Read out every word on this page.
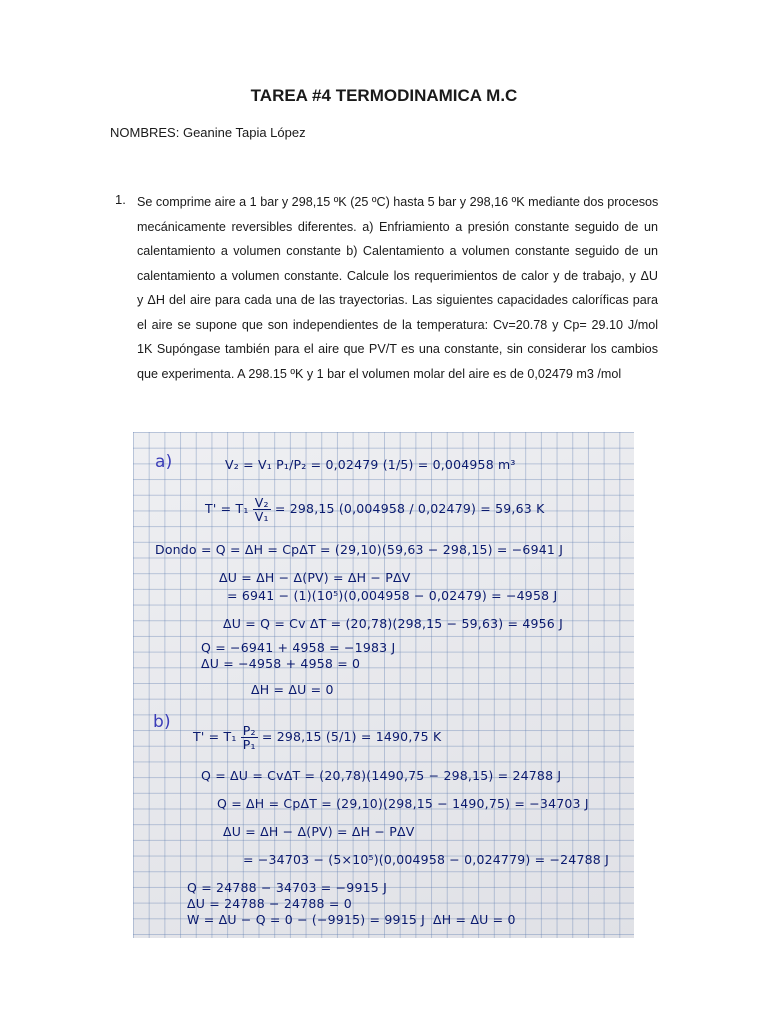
TAREA #4 TERMODINAMICA M.C
NOMBRES: Geanine Tapia López
1. Se comprime aire a 1 bar y 298,15 ºK (25 ºC) hasta 5 bar y 298,16 ºK mediante dos procesos
mecánicamente reversibles diferentes. a) Enfriamiento a presión constante seguido de un
calentamiento a volumen constante b) Calentamiento a volumen constante seguido de un
calentamiento a volumen constante. Calcule los requerimientos de calor y de trabajo, y ΔU
y ΔH del aire para cada una de las trayectorias. Las siguientes capacidades caloríficas para
el aire se supone que son independientes de la temperatura: Cv=20.78 y Cp= 29.10 J/mol
1K Supóngase también para el aire que PV/T es una constante, sin considerar los cambios
que experimenta. A 298.15 ºK y 1 bar el volumen molar del aire es de 0,02479 m3 /mol
a)	V₂ = V₁ P₁/P₂ = 0,02479 (1/5) = 0,004958 m³
$T' = T_1 \frac{\text{V₂}}{\text{V₁}} = 298,15$ (0,004958 / 0,02479) = 59,63 K
Dondo = Q = ΔH = CpΔT = (29,10)(59,63 − 298,15) = −6941 J
ΔU = ΔH − Δ(PV) = ΔH − PΔV
= 6941 − (1)(10⁵)(0,004958 − 0,02479) = −4958 J
ΔU = Q = Cv ΔT = (20,78)(298,15 − 59,63) = 4956 J
Q = −6941 + 4958 = −1983 J
ΔU = −4958 + 4958 = 0
ΔH = ΔU = 0
b)
$T' = T_1 \frac{\text{P₂}}{\text{P₁}} = 298,15$ (5/1) = 1490,75 K
Q = ΔU = CvΔT = (20,78)(1490,75 − 298,15) = 24788 J
Q = ΔH = CpΔT = (29,10)(298,15 − 1490,75) = −34703 J
ΔU = ΔH − Δ(PV) = ΔH − PΔV
= −34703 − (5×10⁵)(0,004958 − 0,024779) = −24788 J
Q = 24788 − 34703 = −9915 J
ΔU = 24788 − 24788 = 0
W = ΔU − Q = 0 − (−9915) = 9915 J ΔH = ΔU = 0
